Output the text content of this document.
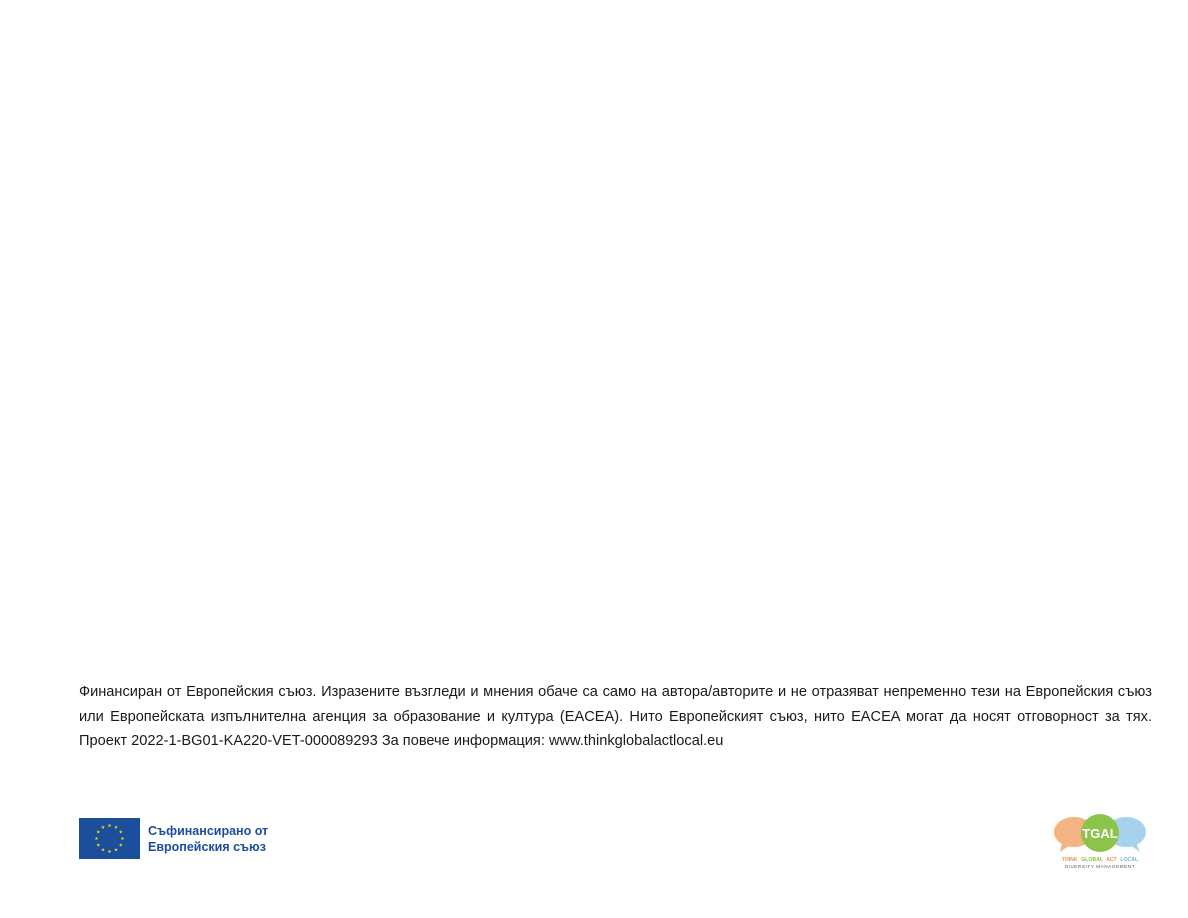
Финансиран от Европейския съюз. Изразените възгледи и мнения обаче са само на автора/авторите и не отразяват непременно тези на Европейския съюз или Европейската изпълнителна агенция за образование и култура (EACEA). Нито Европейският съюз, нито EACEA могат да носят отговорност за тях. Проект 2022-1-BG01-KA220-VET-000089293 За повече информация: www.thinkglobalactlocal.eu

Съфинансирано от
Европейския съюз
TGAL
THINK GLOBAL ACT LOCAL
DIVERSITY MANAGEMENT
